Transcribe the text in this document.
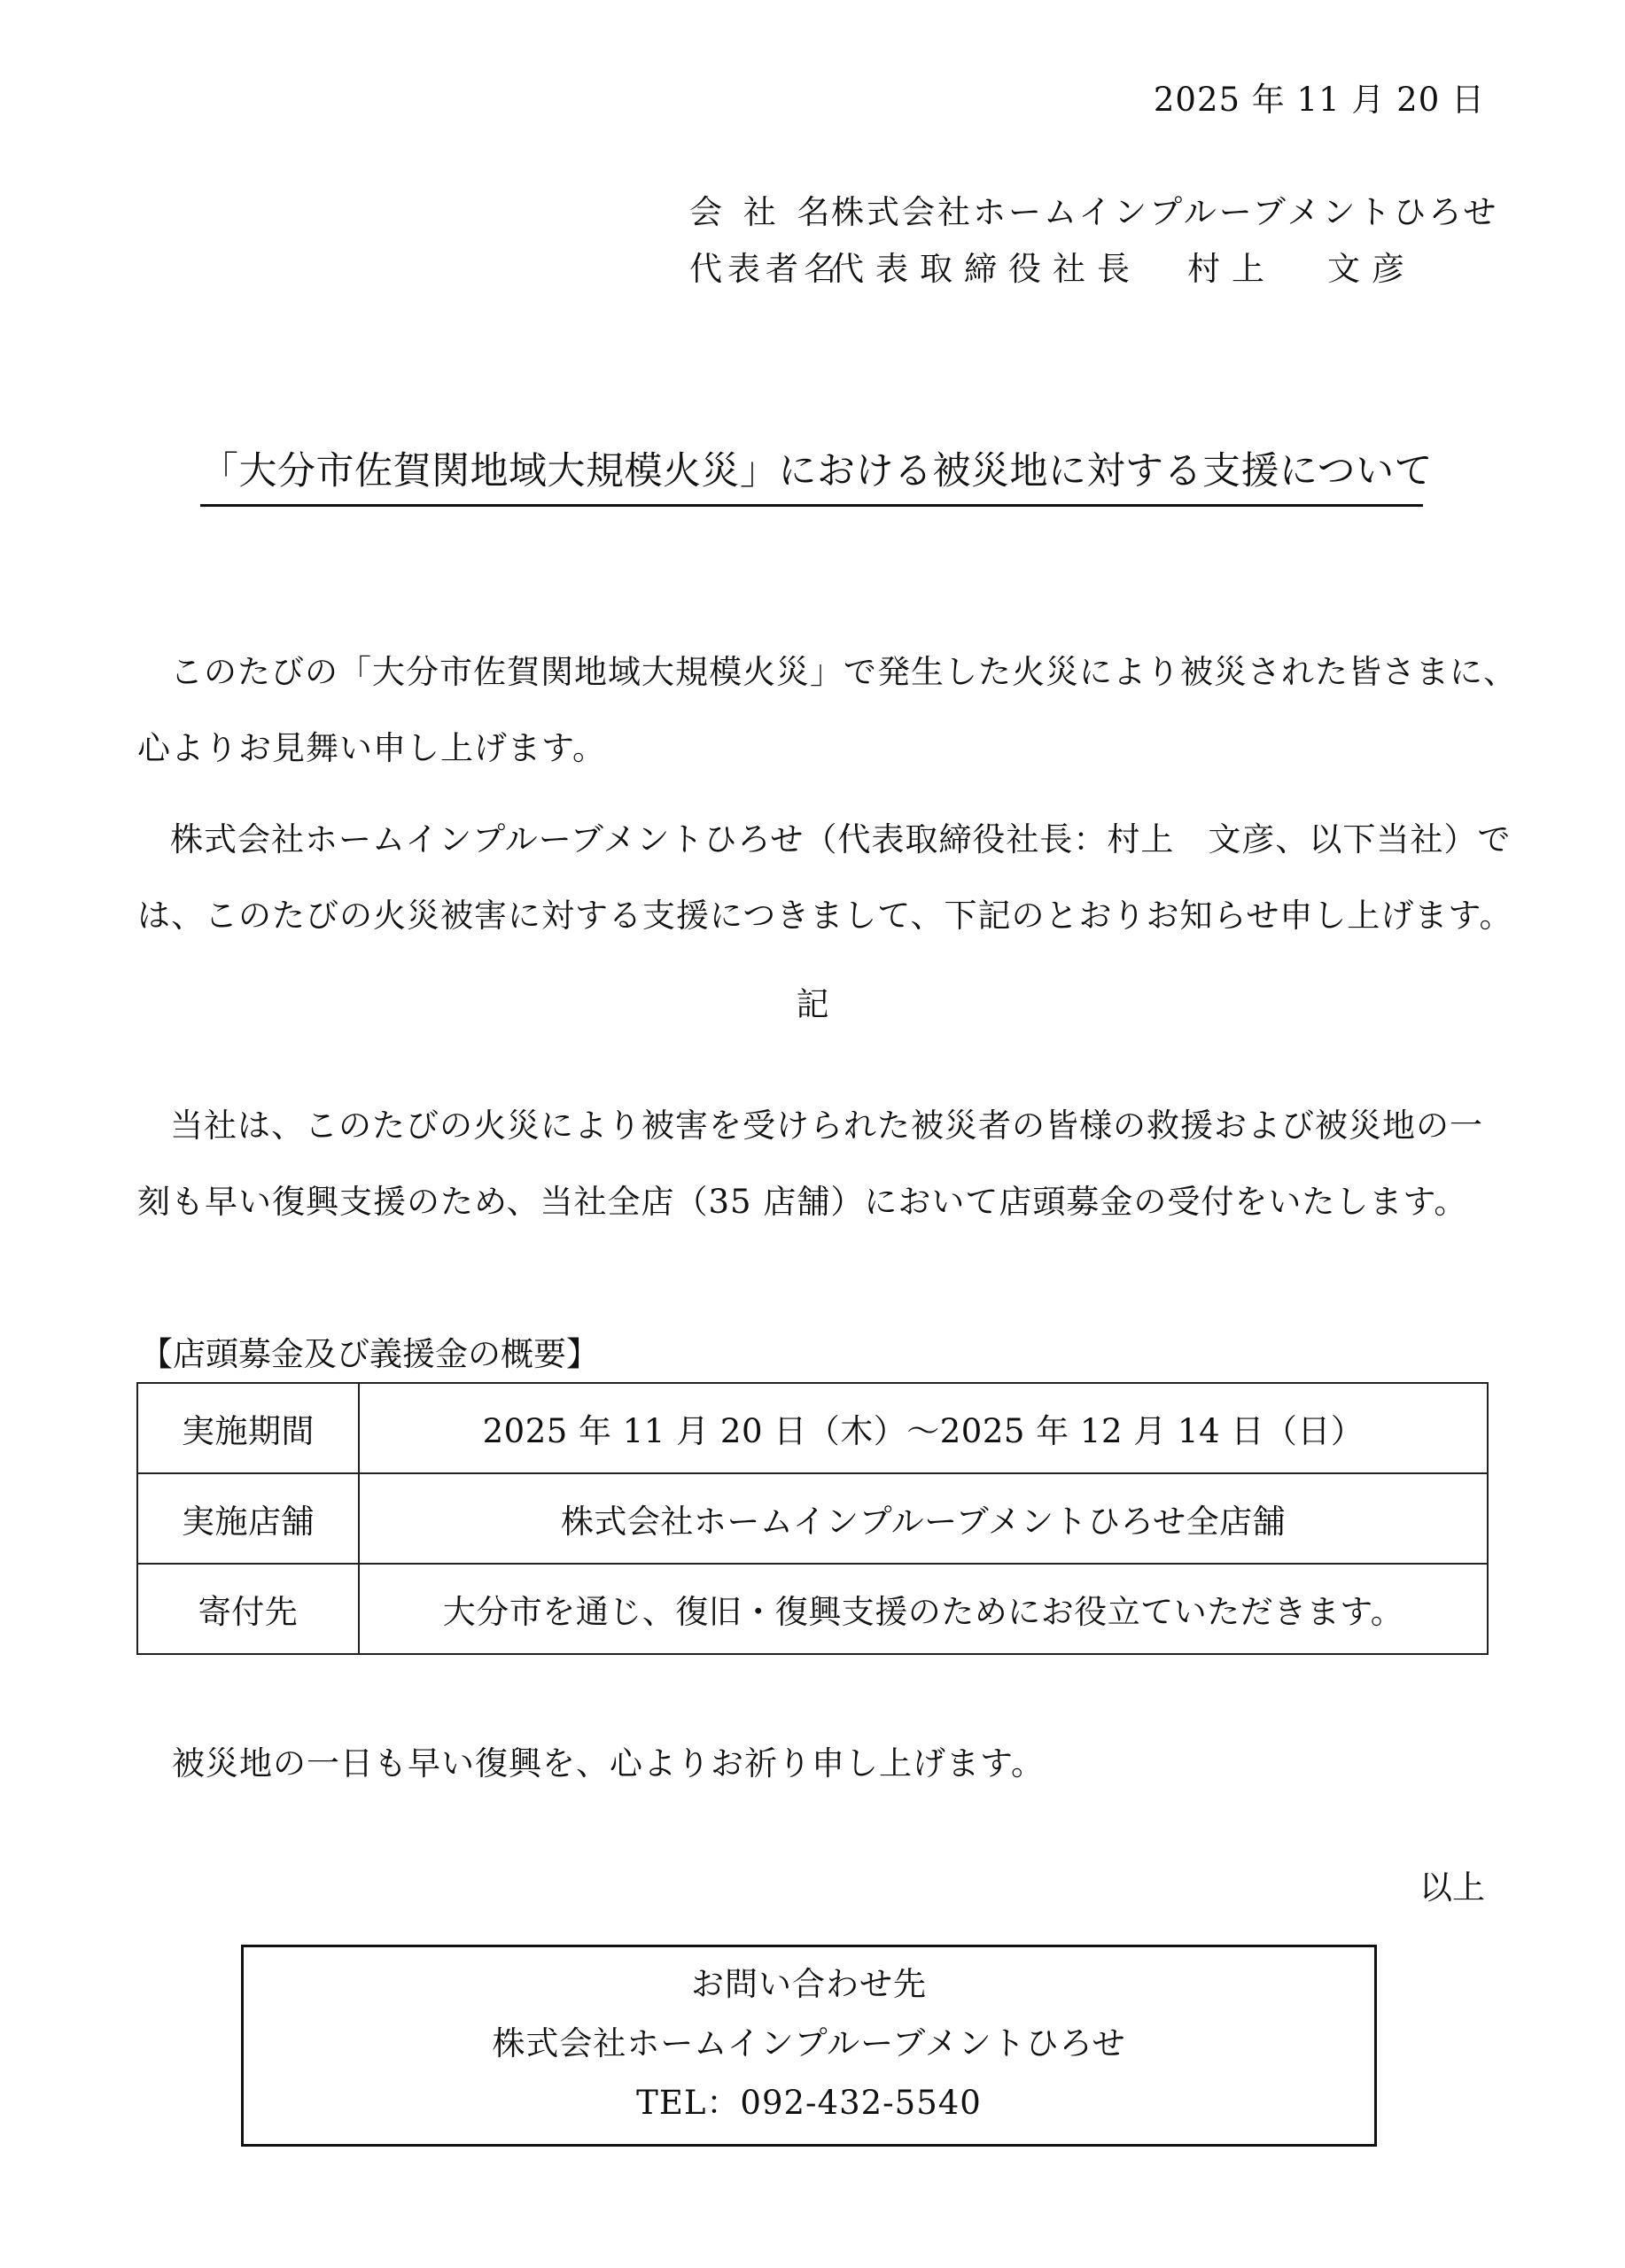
2025 年 11 月 20 日
会 社 名
株式会社ホームインプルーブメントひろせ
代表者名
代表取締役社長 村上 文彦
「大分市佐賀関地域大規模火災」における被災地に対する支援について
このたびの「大分市佐賀関地域大規模火災」で発生した火災により被災された皆さまに、
心よりお見舞い申し上げます。
株式会社ホームインプルーブメントひろせ（代表取締役社長：村上　文彦、以下当社）で
は、このたびの火災被害に対する支援につきまして、下記のとおりお知らせ申し上げます。
記
当社は、このたびの火災により被害を受けられた被災者の皆様の救援および被災地の一
刻も早い復興支援のため、当社全店（35 店舗）において店頭募金の受付をいたします。
【店頭募金及び義援金の概要】
実施期間	2025 年 11 月 20 日（木）～2025 年 12 月 14 日（日）
実施店舗	株式会社ホームインプルーブメントひろせ全店舗
寄付先	大分市を通じ、復旧・復興支援のためにお役立ていただきます。
被災地の一日も早い復興を、心よりお祈り申し上げます。
以上
お問い合わせ先
株式会社ホームインプルーブメントひろせ
TEL：092-432-5540
